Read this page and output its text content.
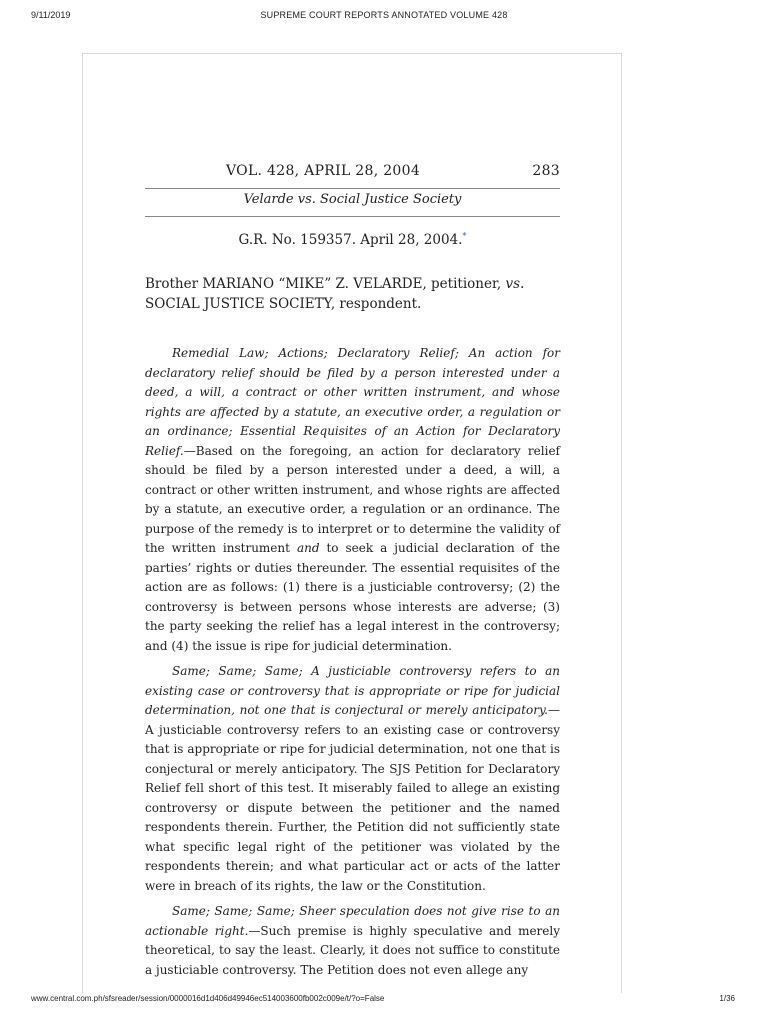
9/11/2019	SUPREME COURT REPORTS ANNOTATED VOLUME 428
VOL. 428, APRIL 28, 2004	283
Velarde vs. Social Justice Society
G.R. No. 159357. April 28, 2004.*
Brother MARIANO “MIKE” Z. VELARDE, petitioner, vs.
SOCIAL JUSTICE SOCIETY, respondent.

Remedial Law; Actions; Declaratory Relief; An action for declaratory relief should be filed by a person interested under a deed, a will, a contract or other written instrument, and whose rights are affected by a statute, an executive order, a regulation or an ordinance; Essential Requisites of an Action for Declaratory Relief.—Based on the foregoing, an action for declaratory relief should be filed by a person interested under a deed, a will, a contract or other written instrument, and whose rights are affected by a statute, an executive order, a regulation or an ordinance. The purpose of the remedy is to interpret or to determine the validity of the written instrument and to seek a judicial declaration of the parties’ rights or duties thereunder. The essential requisites of the action are as follows: (1) there is a justiciable controversy; (2) the controversy is between persons whose interests are adverse; (3) the party seeking the relief has a legal interest in the controversy; and (4) the issue is ripe for judicial determination.

Same; Same; Same; A justiciable controversy refers to an existing case or controversy that is appropriate or ripe for judicial determination, not one that is conjectural or merely anticipatory.—A justiciable controversy refers to an existing case or controversy that is appropriate or ripe for judicial determination, not one that is conjectural or merely anticipatory. The SJS Petition for Declaratory Relief fell short of this test. It miserably failed to allege an existing controversy or dispute between the petitioner and the named respondents therein. Further, the Petition did not sufficiently state what specific legal right of the petitioner was violated by the respondents therein; and what particular act or acts of the latter were in breach of its rights, the law or the Constitution.

Same; Same; Same; Sheer speculation does not give rise to an actionable right.—Such premise is highly speculative and merely theoretical, to say the least. Clearly, it does not suffice to constitute a justiciable controversy. The Petition does not even allege any

www.central.com.ph/sfsreader/session/0000016d1d406d49946ec514003600fb002c009e/t/?o=False	1/36
